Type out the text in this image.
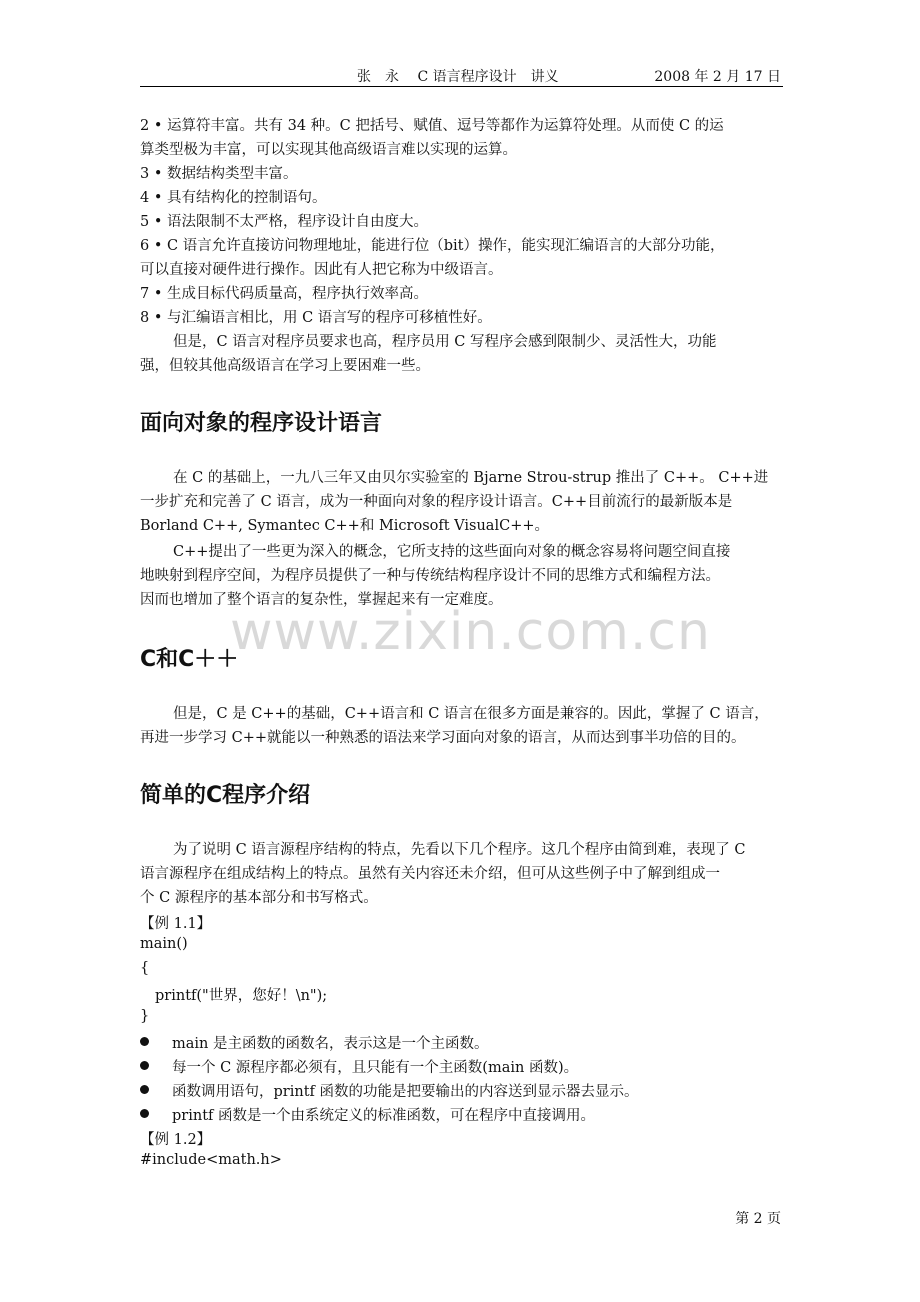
张　永　 C 语言程序设计　讲义	2008 年 2 月 17 日
2 • 运算符丰富。共有 34 种。C 把括号、赋值、逗号等都作为运算符处理。从而使 C 的运
算类型极为丰富，可以实现其他高级语言难以实现的运算。
3 • 数据结构类型丰富。
4 • 具有结构化的控制语句。
5 • 语法限制不太严格，程序设计自由度大。
6 • C 语言允许直接访问物理地址，能进行位（bit）操作，能实现汇编语言的大部分功能，
可以直接对硬件进行操作。因此有人把它称为中级语言。
7 • 生成目标代码质量高，程序执行效率高。
8 • 与汇编语言相比，用 C 语言写的程序可移植性好。
但是，C 语言对程序员要求也高，程序员用 C 写程序会感到限制少、灵活性大，功能
强，但较其他高级语言在学习上要困难一些。
面向对象的程序设计语言
在 C 的基础上，一九八三年又由贝尔实验室的 Bjarne Strou-strup 推出了 C++。 C++进
一步扩充和完善了 C 语言，成为一种面向对象的程序设计语言。C++目前流行的最新版本是
Borland C++, Symantec C++和 Microsoft VisualC++。
C++提出了一些更为深入的概念，它所支持的这些面向对象的概念容易将问题空间直接
地映射到程序空间，为程序员提供了一种与传统结构程序设计不同的思维方式和编程方法。
因而也增加了整个语言的复杂性，掌握起来有一定难度。
www.zixin.com.cn
C和C＋＋
但是，C 是 C++的基础，C++语言和 C 语言在很多方面是兼容的。因此，掌握了 C 语言，
再进一步学习 C++就能以一种熟悉的语法来学习面向对象的语言，从而达到事半功倍的目的。
简单的C程序介绍
为了说明 C 语言源程序结构的特点，先看以下几个程序。这几个程序由简到难，表现了 C
语言源程序在组成结构上的特点。虽然有关内容还未介绍，但可从这些例子中了解到组成一
个 C 源程序的基本部分和书写格式。
【例 1.1】
main()
{
printf("世界，您好！\n");
}
main 是主函数的函数名，表示这是一个主函数。
每一个 C 源程序都必须有，且只能有一个主函数(main 函数)。
函数调用语句，printf 函数的功能是把要输出的内容送到显示器去显示。
printf 函数是一个由系统定义的标准函数，可在程序中直接调用。
【例 1.2】
#include<math.h>
第 2 页
